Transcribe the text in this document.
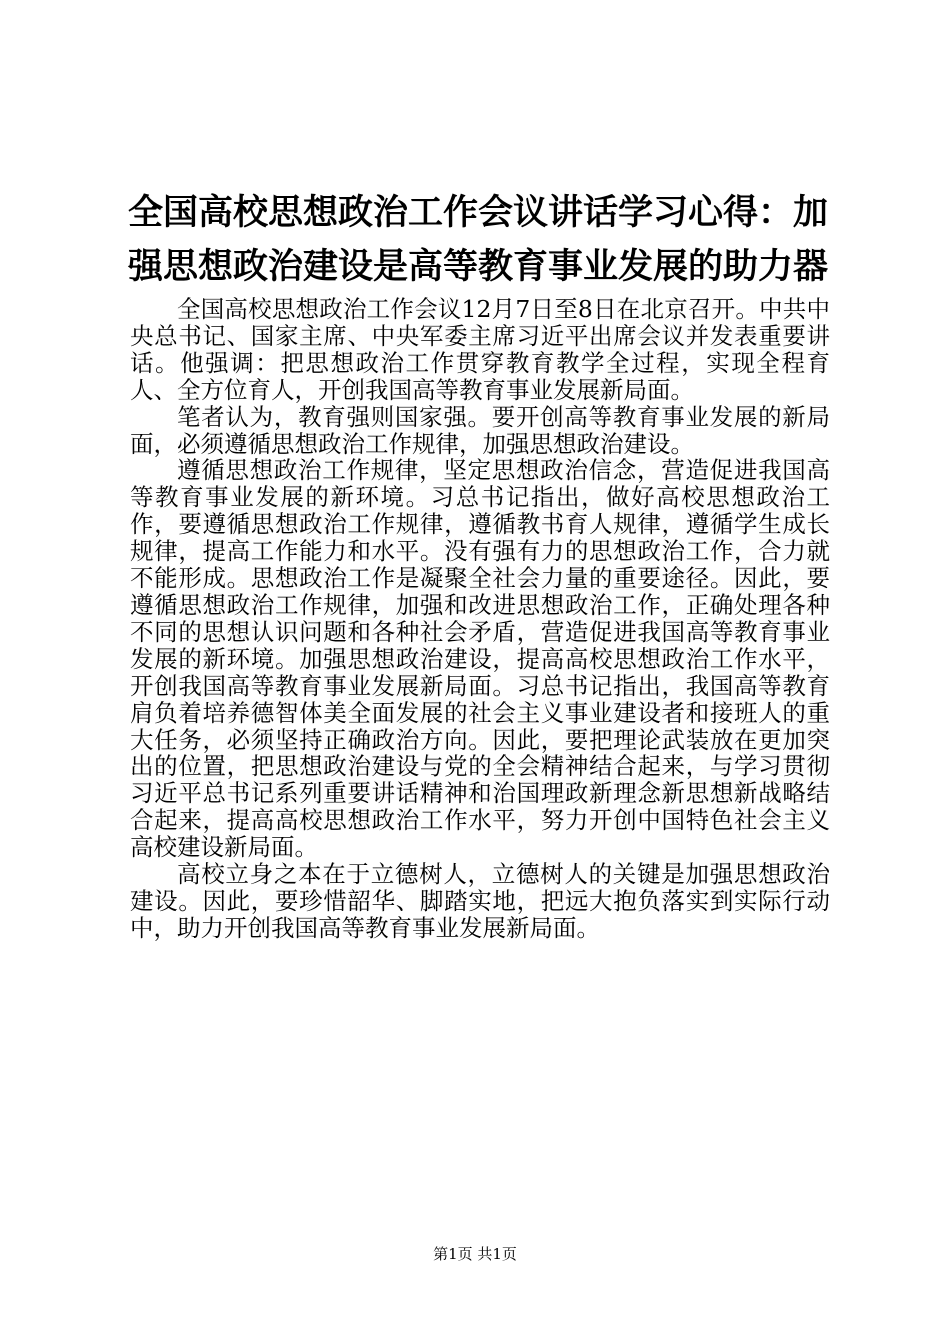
全国高校思想政治工作会议讲话学习心得：加强思想政治建设是高等教育事业发展的助力器

全国高校思想政治工作会议12月7日至8日在北京召开。中共中央总书记、国家主席、中央军委主席习近平出席会议并发表重要讲话。他强调：把思想政治工作贯穿教育教学全过程，实现全程育人、全方位育人，开创我国高等教育事业发展新局面。

笔者认为，教育强则国家强。要开创高等教育事业发展的新局面，必须遵循思想政治工作规律，加强思想政治建设。

遵循思想政治工作规律，坚定思想政治信念，营造促进我国高等教育事业发展的新环境。习总书记指出，做好高校思想政治工作，要遵循思想政治工作规律，遵循教书育人规律，遵循学生成长规律，提高工作能力和水平。没有强有力的思想政治工作，合力就不能形成。思想政治工作是凝聚全社会力量的重要途径。因此，要遵循思想政治工作规律，加强和改进思想政治工作，正确处理各种不同的思想认识问题和各种社会矛盾，营造促进我国高等教育事业发展的新环境。加强思想政治建设，提高高校思想政治工作水平，开创我国高等教育事业发展新局面。习总书记指出，我国高等教育肩负着培养德智体美全面发展的社会主义事业建设者和接班人的重大任务，必须坚持正确政治方向。因此，要把理论武装放在更加突出的位置，把思想政治建设与党的全会精神结合起来，与学习贯彻习近平总书记系列重要讲话精神和治国理政新理念新思想新战略结合起来，提高高校思想政治工作水平，努力开创中国特色社会主义高校建设新局面。

高校立身之本在于立德树人，立德树人的关键是加强思想政治建设。因此，要珍惜韶华、脚踏实地，把远大抱负落实到实际行动中，助力开创我国高等教育事业发展新局面。

第1页 共1页
